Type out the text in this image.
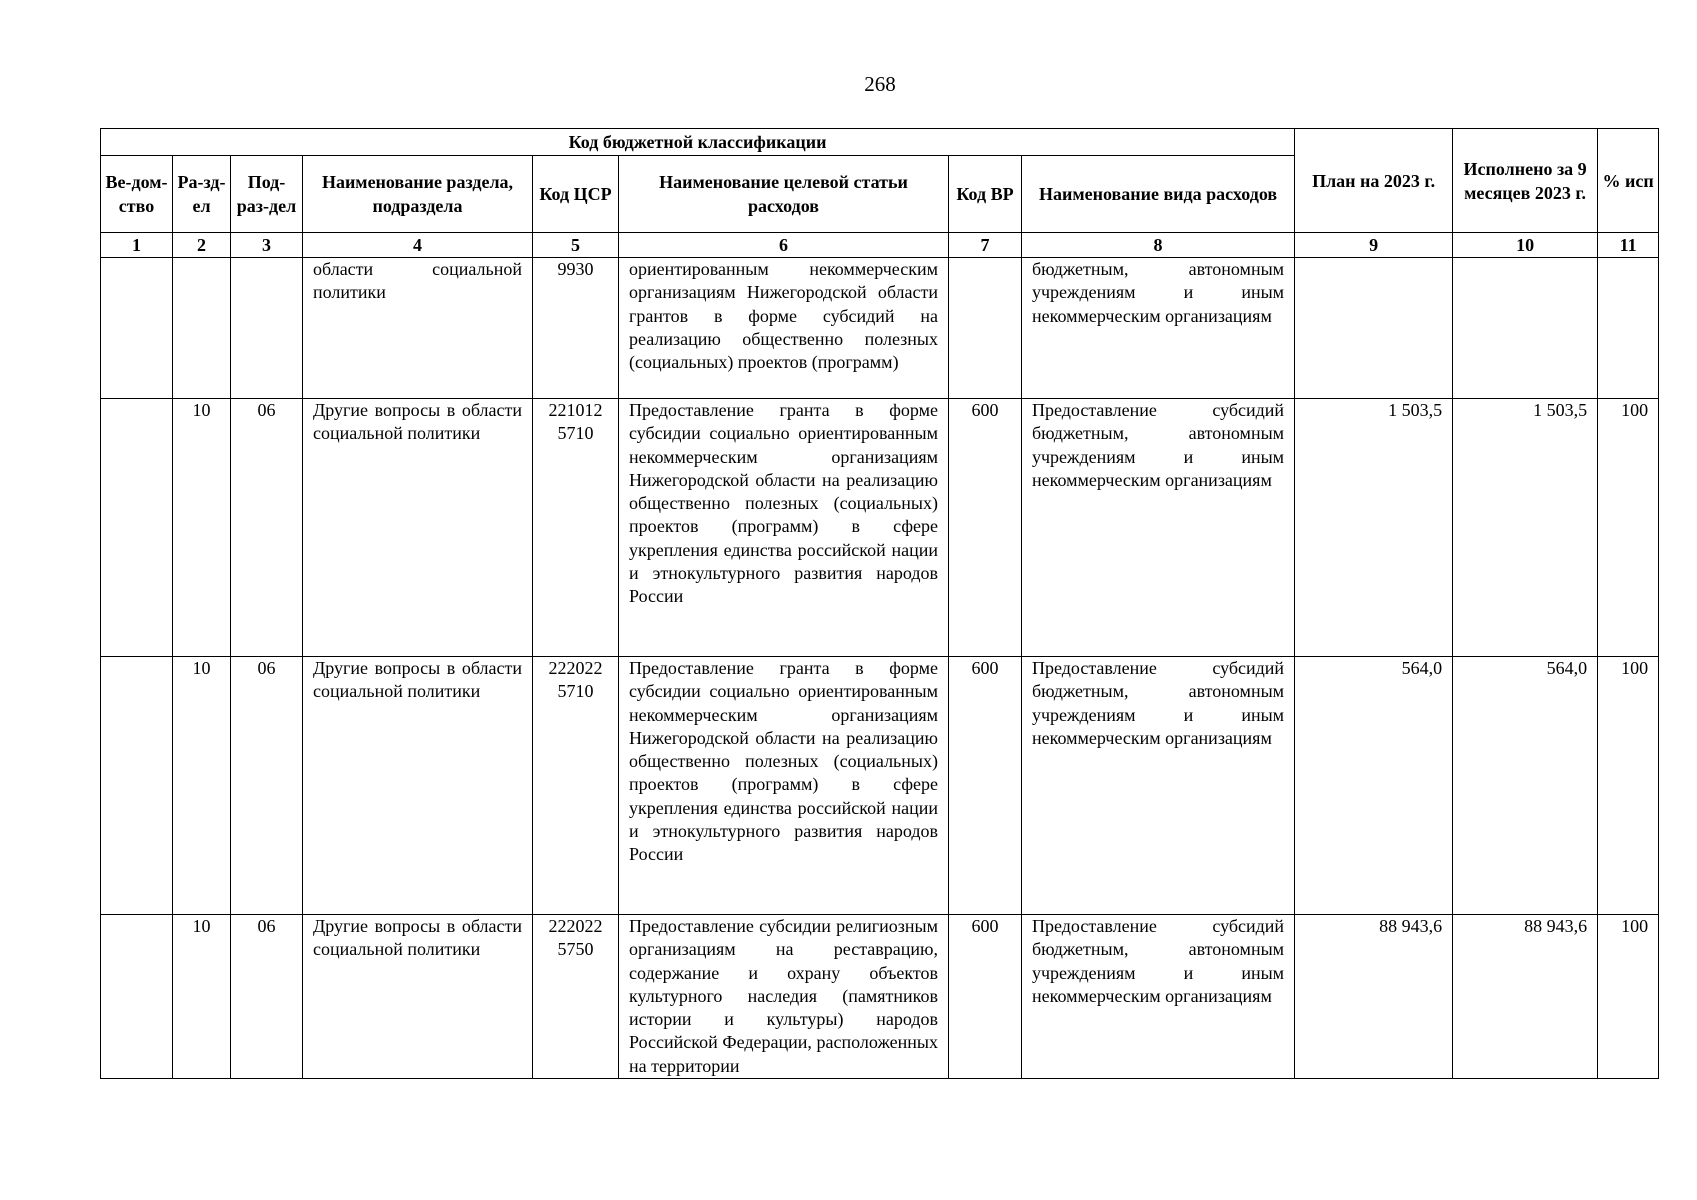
268
Код бюджетной классификации								План на 2023 г.	Исполнено за 9 месяцев 2023 г.	% исп
Ве-дом-ство	Ра-зд-ел	Под-раз-дел	Наименование раздела, подраздела	Код ЦСР	Наименование целевой статьи расходов	Код ВР	Наименование вида расходов			
1	2	3	4	5	6	7	8	9	10	11
			области социальной политики	9930	ориентированным некоммерческим организациям Нижегородской области грантов в форме субсидий на реализацию общественно полезных (социальных) проектов (программ)		бюджетным, автономным учреждениям и иным некоммерческим организациям			
	10	06	Другие вопросы в области социальной политики	221012 5710	Предоставление гранта в форме субсидии социально ориентированным некоммерческим организациям Нижегородской области на реализацию общественно полезных (социальных) проектов (программ) в сфере укрепления единства российской нации и этнокультурного развития народов России	600	Предоставление субсидий бюджетным, автономным учреждениям и иным некоммерческим организациям	1 503,5	1 503,5	100
	10	06	Другие вопросы в области социальной политики	222022 5710	Предоставление гранта в форме субсидии социально ориентированным некоммерческим организациям Нижегородской области на реализацию общественно полезных (социальных) проектов (программ) в сфере укрепления единства российской нации и этнокультурного развития народов России	600	Предоставление субсидий бюджетным, автономным учреждениям и иным некоммерческим организациям	564,0	564,0	100
	10	06	Другие вопросы в области социальной политики	222022 5750	Предоставление субсидии религиозным организациям на реставрацию, содержание и охрану объектов культурного наследия (памятников истории и культуры) народов Российской Федерации, расположенных на территории	600	Предоставление субсидий бюджетным, автономным учреждениям и иным некоммерческим организациям	88 943,6	88 943,6	100
